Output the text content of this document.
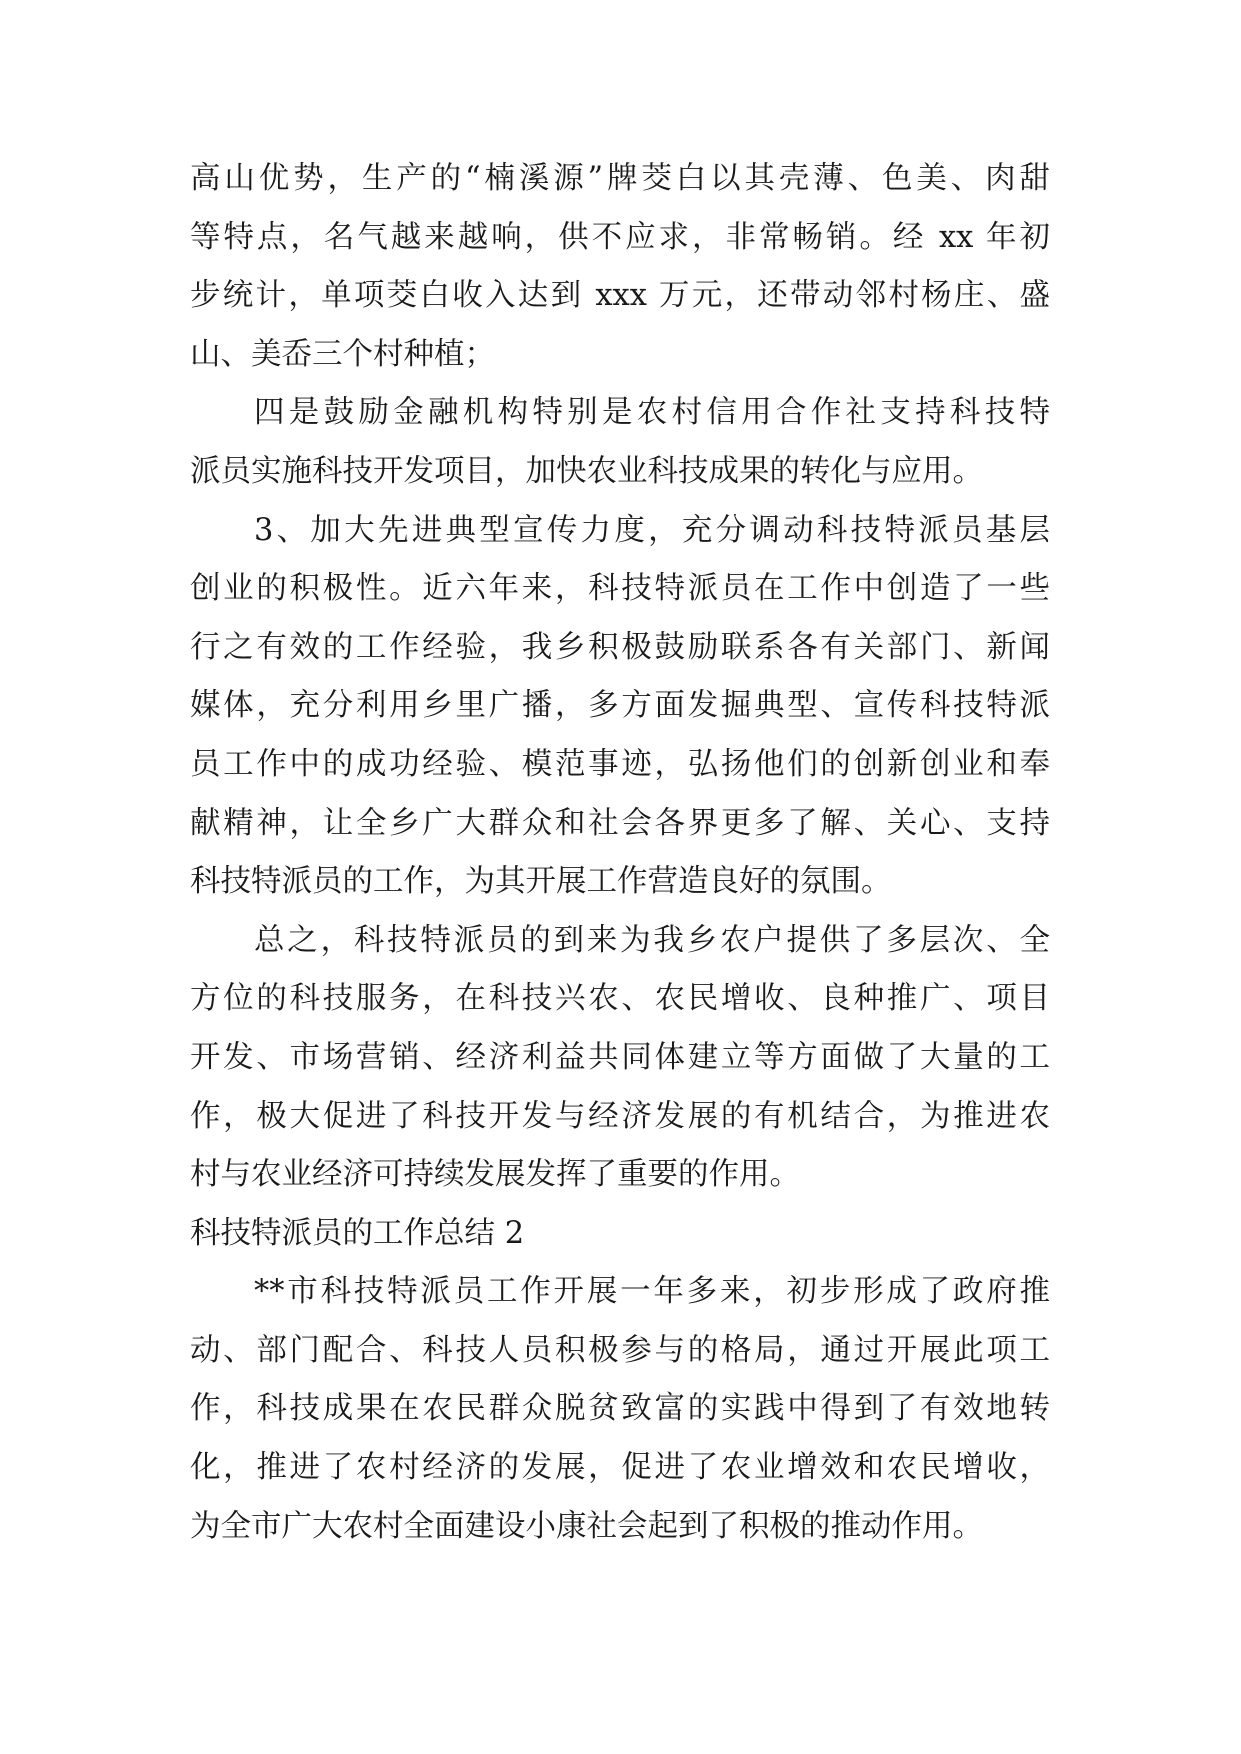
高山优势，生产的“楠溪源”牌茭白以其壳薄、色美、肉甜
等特点，名气越来越响，供不应求，非常畅销。经 xx 年初
步统计，单项茭白收入达到 xxx 万元，还带动邻村杨庄、盛
山、美岙三个村种植；
四是鼓励金融机构特别是农村信用合作社支持科技特
派员实施科技开发项目，加快农业科技成果的转化与应用。
3、加大先进典型宣传力度，充分调动科技特派员基层
创业的积极性。近六年来，科技特派员在工作中创造了一些
行之有效的工作经验，我乡积极鼓励联系各有关部门、新闻
媒体，充分利用乡里广播，多方面发掘典型、宣传科技特派
员工作中的成功经验、模范事迹，弘扬他们的创新创业和奉
献精神，让全乡广大群众和社会各界更多了解、关心、支持
科技特派员的工作，为其开展工作营造良好的氛围。
总之，科技特派员的到来为我乡农户提供了多层次、全
方位的科技服务，在科技兴农、农民增收、良种推广、项目
开发、市场营销、经济利益共同体建立等方面做了大量的工
作，极大促进了科技开发与经济发展的有机结合，为推进农
村与农业经济可持续发展发挥了重要的作用。
科技特派员的工作总结 2
**市科技特派员工作开展一年多来，初步形成了政府推
动、部门配合、科技人员积极参与的格局，通过开展此项工
作，科技成果在农民群众脱贫致富的实践中得到了有效地转
化，推进了农村经济的发展，促进了农业增效和农民增收，
为全市广大农村全面建设小康社会起到了积极的推动作用。
